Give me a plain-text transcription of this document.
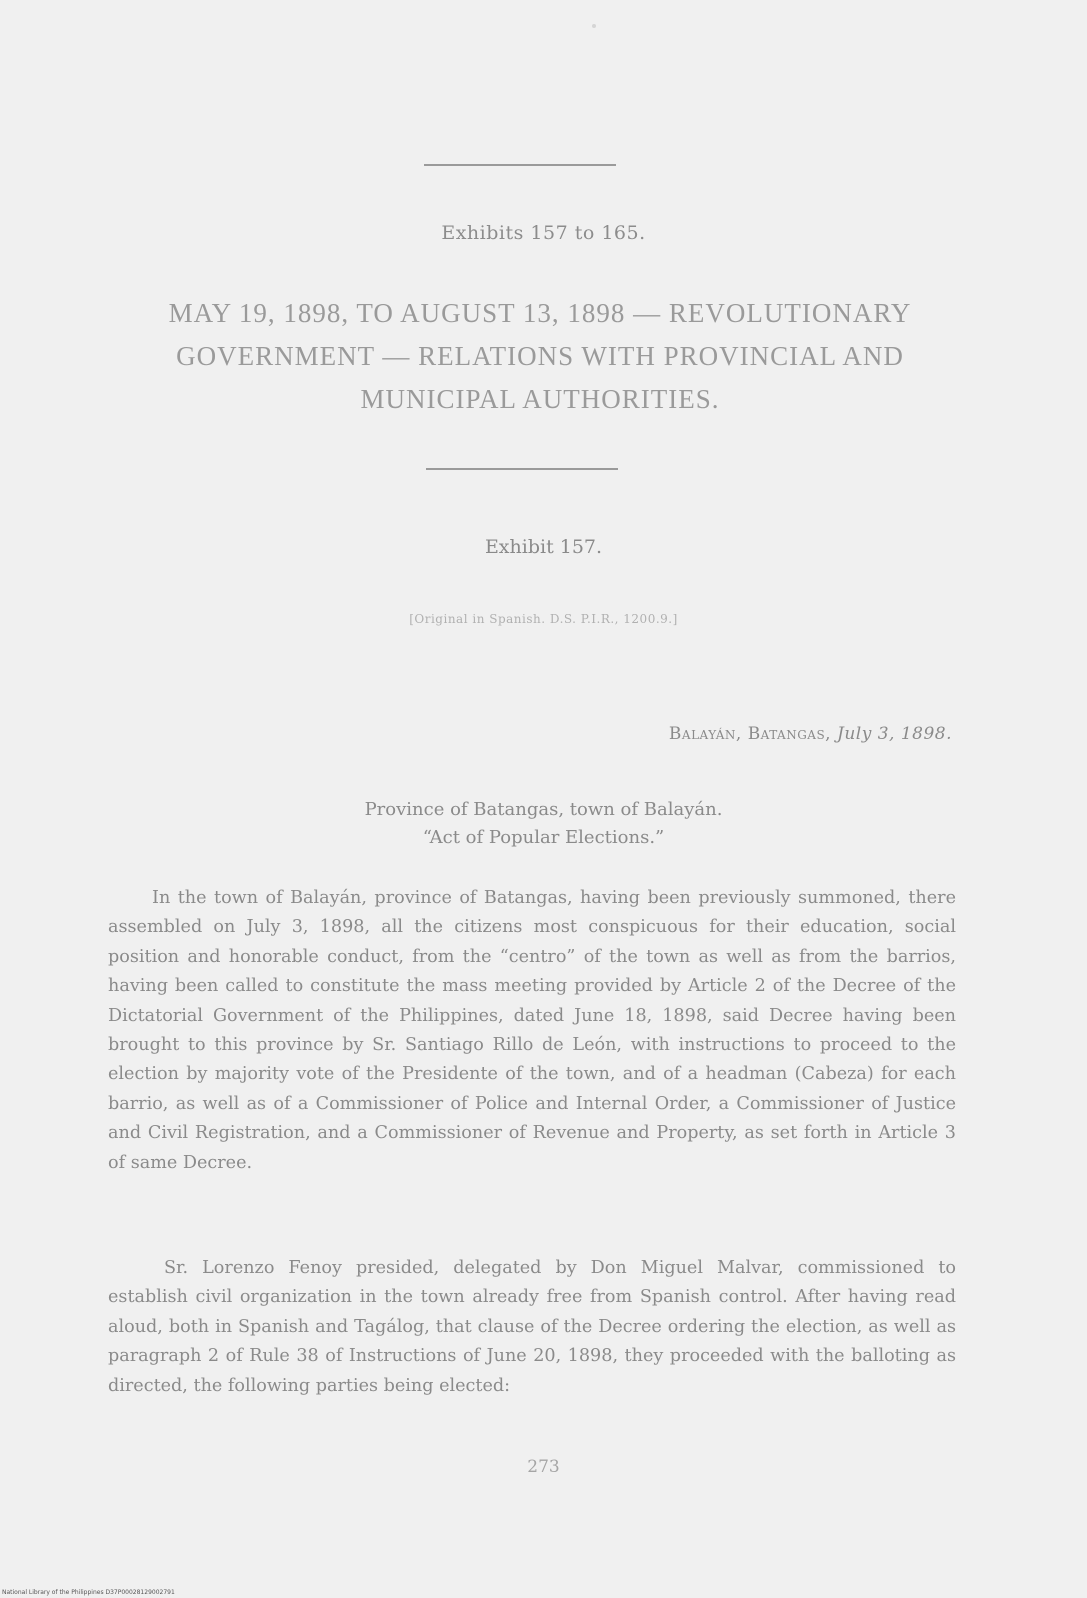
Exhibits 157 to 165.
MAY 19, 1898, TO AUGUST 13, 1898 — REVOLUTIONARY
GOVERNMENT — RELATIONS WITH PROVINCIAL AND
MUNICIPAL AUTHORITIES.
Exhibit 157.
[Original in Spanish. D.S. P.I.R., 1200.9.]
Balayán, Batangas, July 3, 1898.
Province of Batangas, town of Balayán.
“Act of Popular Elections.”
In the town of Balayán, province of Batangas, having been previously summoned, there assembled on July 3, 1898, all the citizens most conspicuous for their education, social position and honorable conduct, from the “centro” of the town as well as from the barrios, having been called to constitute the mass meeting provided by Article 2 of the Decree of the Dictatorial Government of the Philippines, dated June 18, 1898, said Decree having been brought to this province by Sr. Santiago Rillo de León, with instructions to proceed to the election by majority vote of the Presidente of the town, and of a headman (Cabeza) for each barrio, as well as of a Commissioner of Police and Internal Order, a Commissioner of Justice and Civil Registration, and a Commissioner of Revenue and Property, as set forth in Article 3 of same Decree.
Sr. Lorenzo Fenoy presided, delegated by Don Miguel Malvar, commissioned to establish civil organization in the town already free from Spanish control. After having read aloud, both in Spanish and Tagálog, that clause of the Decree ordering the election, as well as paragraph 2 of Rule 38 of Instructions of June 20, 1898, they proceeded with the balloting as directed, the following parties being elected:
273
National Library of the Philippines D37P00028129002791
